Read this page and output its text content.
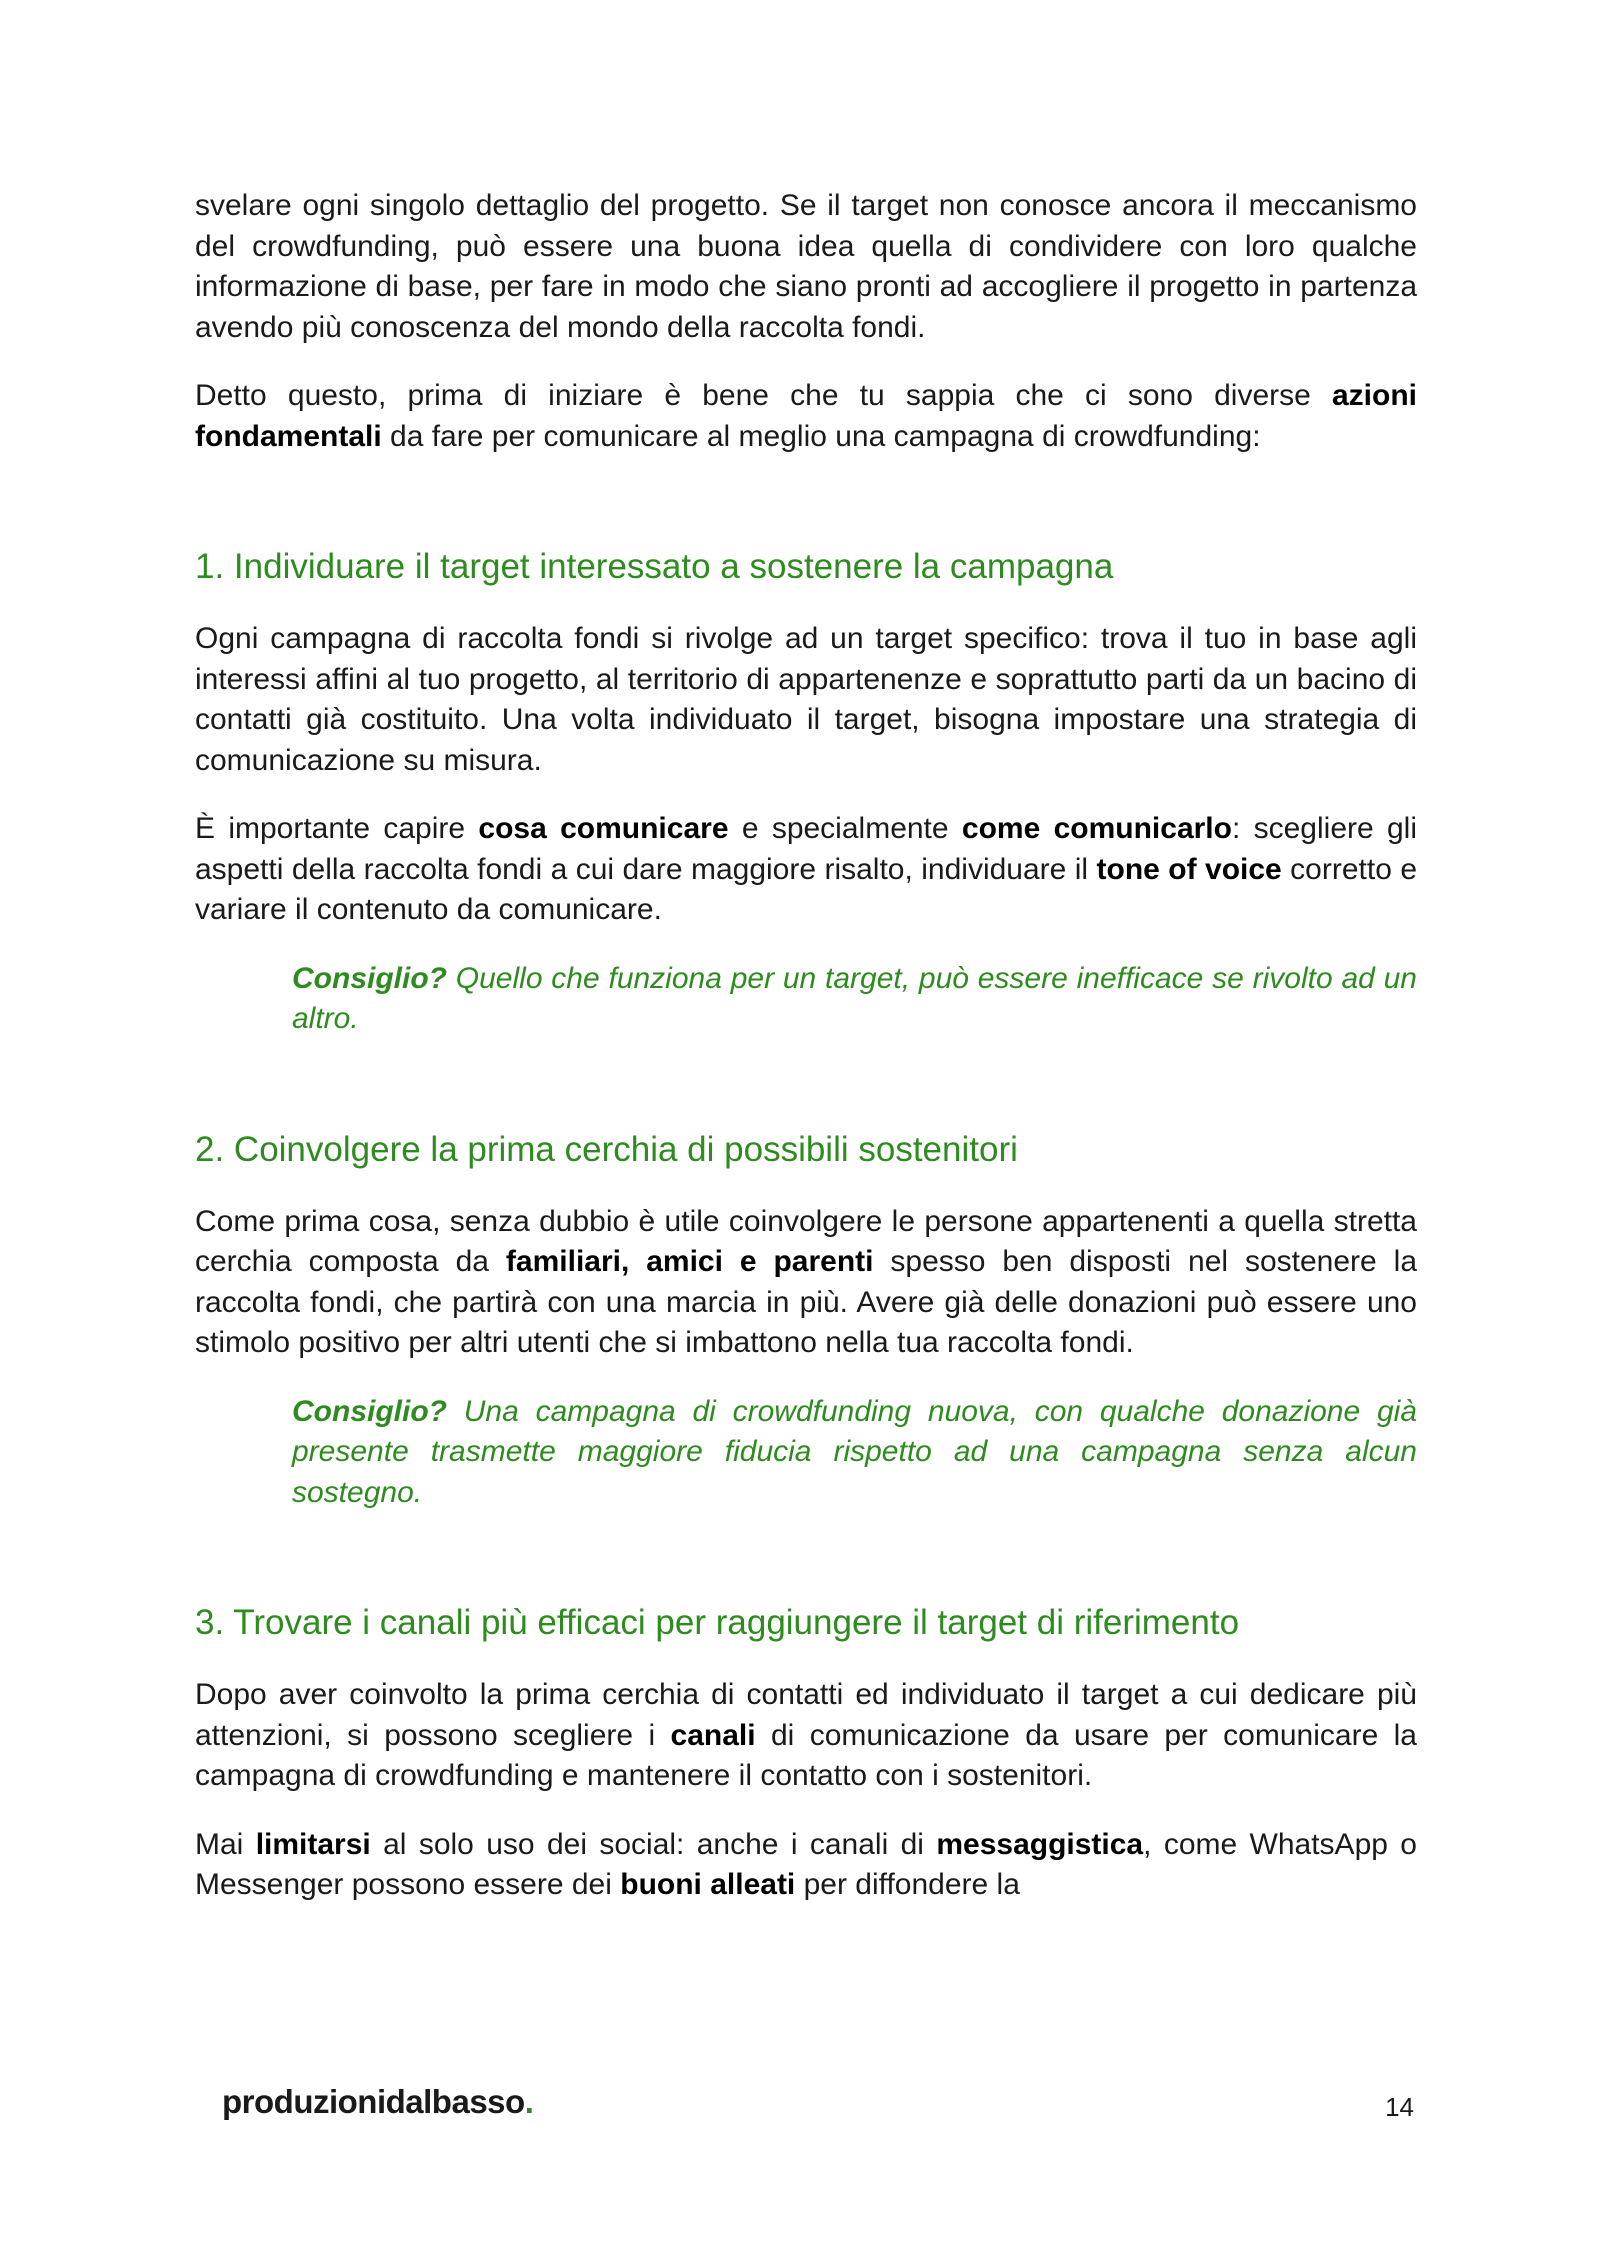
svelare ogni singolo dettaglio del progetto. Se il target non conosce ancora il meccanismo del crowdfunding, può essere una buona idea quella di condividere con loro qualche informazione di base, per fare in modo che siano pronti ad accogliere il progetto in partenza avendo più conoscenza del mondo della raccolta fondi.

Detto questo, prima di iniziare è bene che tu sappia che ci sono diverse azioni fondamentali da fare per comunicare al meglio una campagna di crowdfunding:

1. Individuare il target interessato a sostenere la campagna

Ogni campagna di raccolta fondi si rivolge ad un target specifico: trova il tuo in base agli interessi affini al tuo progetto, al territorio di appartenenze e soprattutto parti da un bacino di contatti già costituito. Una volta individuato il target, bisogna impostare una strategia di comunicazione su misura.

È importante capire cosa comunicare e specialmente come comunicarlo: scegliere gli aspetti della raccolta fondi a cui dare maggiore risalto, individuare il tone of voice corretto e variare il contenuto da comunicare.

Consiglio? Quello che funziona per un target, può essere inefficace se rivolto ad un altro.

2. Coinvolgere la prima cerchia di possibili sostenitori

Come prima cosa, senza dubbio è utile coinvolgere le persone appartenenti a quella stretta cerchia composta da familiari, amici e parenti spesso ben disposti nel sostenere la raccolta fondi, che partirà con una marcia in più. Avere già delle donazioni può essere uno stimolo positivo per altri utenti che si imbattono nella tua raccolta fondi.

Consiglio? Una campagna di crowdfunding nuova, con qualche donazione già presente trasmette maggiore fiducia rispetto ad una campagna senza alcun sostegno.

3. Trovare i canali più efficaci per raggiungere il target di riferimento

Dopo aver coinvolto la prima cerchia di contatti ed individuato il target a cui dedicare più attenzioni, si possono scegliere i canali di comunicazione da usare per comunicare la campagna di crowdfunding e mantenere il contatto con i sostenitori.

Mai limitarsi al solo uso dei social: anche i canali di messaggistica, come WhatsApp o Messenger possono essere dei buoni alleati per diffondere la

produzionidalbasso.	14
